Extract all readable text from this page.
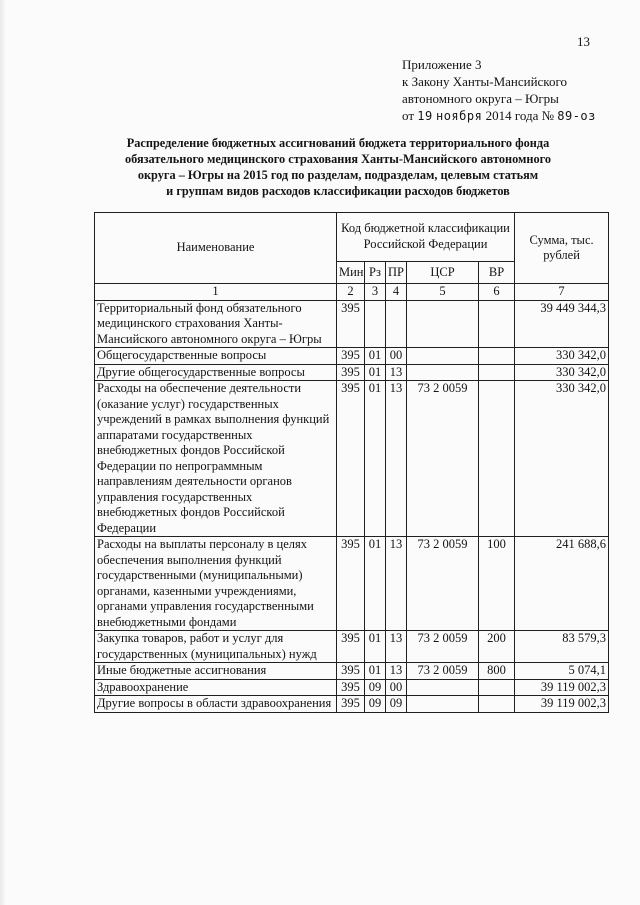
13
Приложение 3
к Закону Ханты-Мансийского
автономного округа – Югры
от 19 ноября 2014 года № 89-оз
Распределение бюджетных ассигнований бюджета территориального фонда
обязательного медицинского страхования Ханты-Мансийского автономного
округа – Югры на 2015 год по разделам, подразделам, целевым статьям
и группам видов расходов классификации расходов бюджетов
Наименование	Код бюджетной классификации Российской Федерации					Сумма, тыс. рублей
	Мин	Рз	ПР	ЦСР	ВР	
1	2	3	4	5	6	7
Территориальный фонд обязательного медицинского страхования Ханты-Мансийского автономного округа – Югры	395					39 449 344,3
Общегосударственные вопросы	395	01	00			330 342,0
Другие общегосударственные вопросы	395	01	13			330 342,0
Расходы на обеспечение деятельности (оказание услуг) государственных учреждений в рамках выполнения функций аппаратами государственных внебюджетных фондов Российской Федерации по непрограммным направлениям деятельности органов управления государственных внебюджетных фондов Российской Федерации	395	01	13	73 2 0059		330 342,0
Расходы на выплаты персоналу в целях обеспечения выполнения функций государственными (муниципальными) органами, казенными учреждениями, органами управления государственными внебюджетными фондами	395	01	13	73 2 0059	100	241 688,6
Закупка товаров, работ и услуг для государственных (муниципальных) нужд	395	01	13	73 2 0059	200	83 579,3
Иные бюджетные ассигнования	395	01	13	73 2 0059	800	5 074,1
Здравоохранение	395	09	00			39 119 002,3
Другие вопросы в области здравоохранения	395	09	09			39 119 002,3
